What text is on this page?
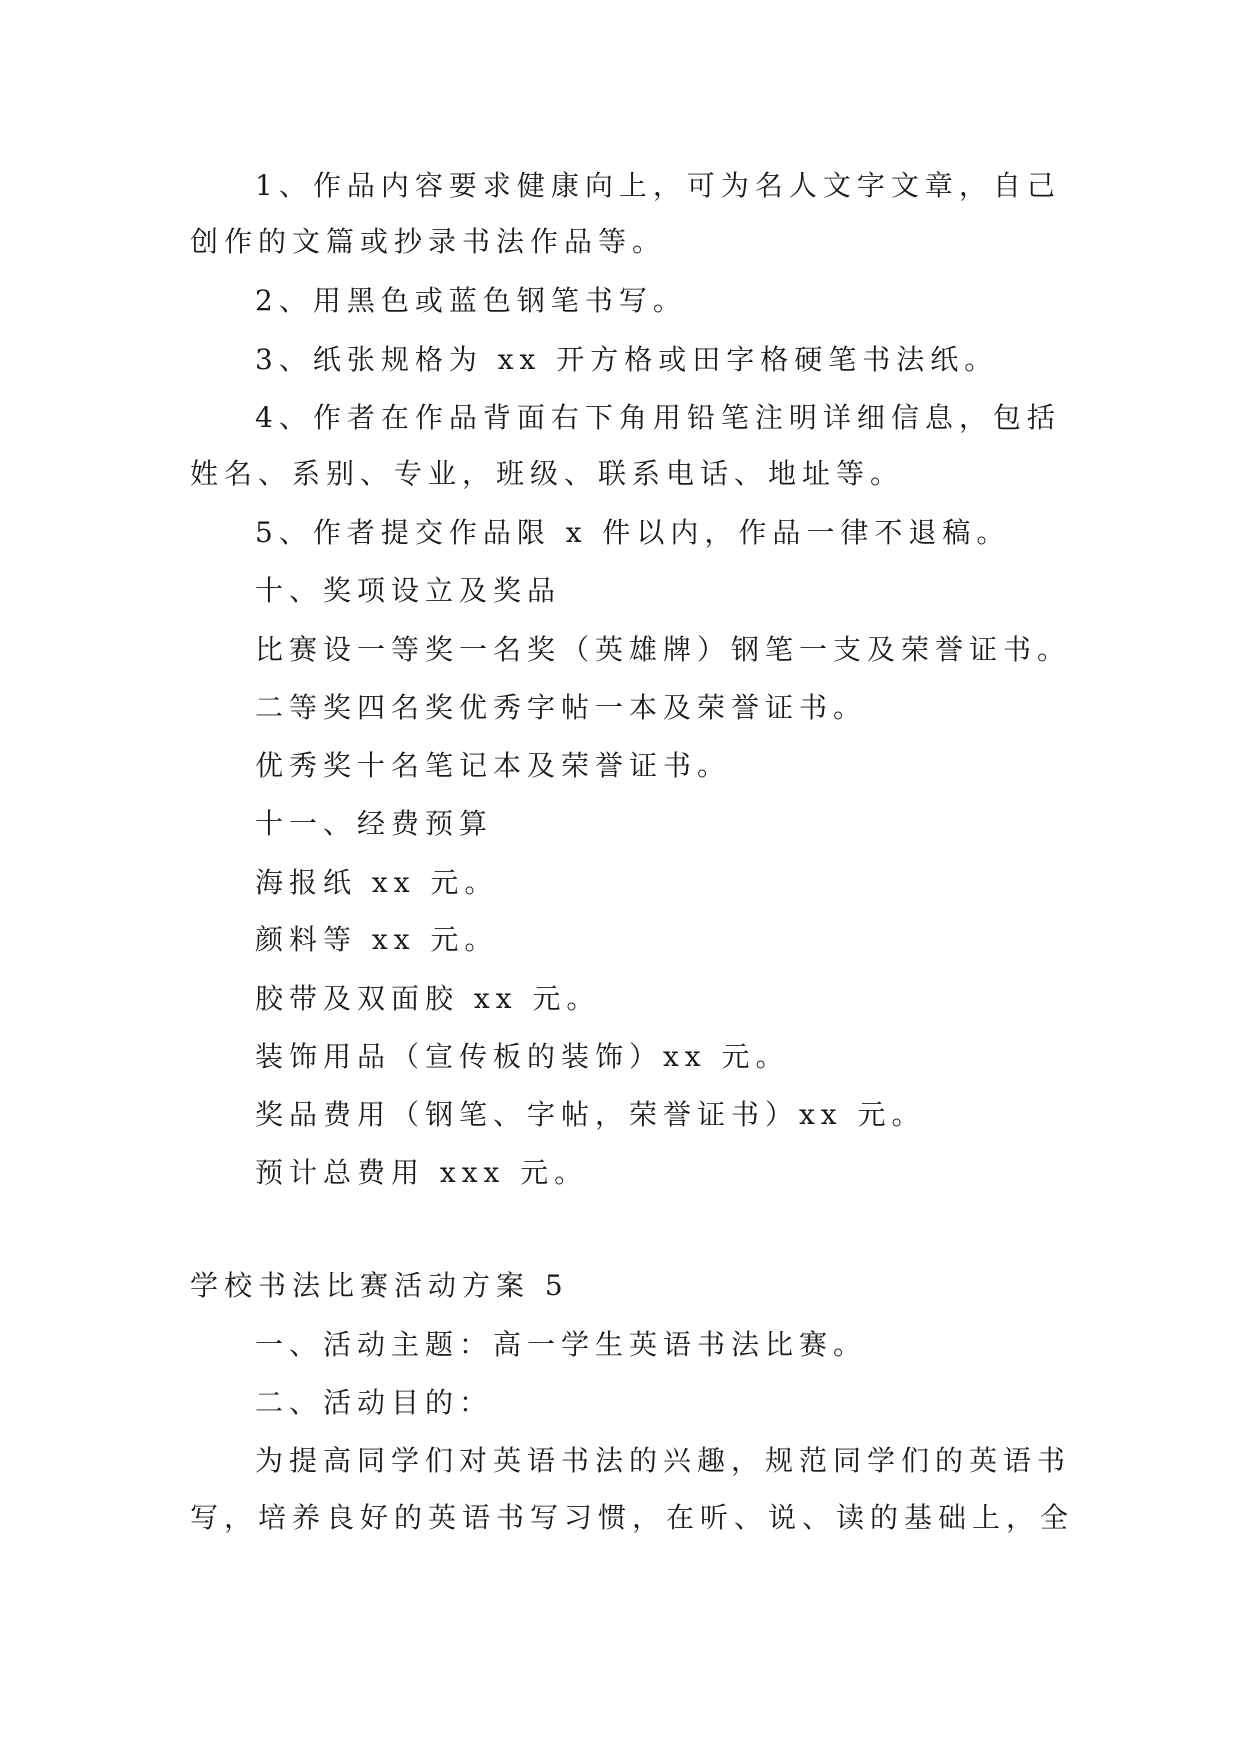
1、作品内容要求健康向上，可为名人文字文章，自己
创作的文篇或抄录书法作品等。
2、用黑色或蓝色钢笔书写。
3、纸张规格为 xx 开方格或田字格硬笔书法纸。
4、作者在作品背面右下角用铅笔注明详细信息，包括
姓名、系别、专业，班级、联系电话、地址等。
5、作者提交作品限 x 件以内，作品一律不退稿。
十、奖项设立及奖品
比赛设一等奖一名奖（英雄牌）钢笔一支及荣誉证书。
二等奖四名奖优秀字帖一本及荣誉证书。
优秀奖十名笔记本及荣誉证书。
十一、经费预算
海报纸 xx 元。
颜料等 xx 元。
胶带及双面胶 xx 元。
装饰用品（宣传板的装饰）xx 元。
奖品费用（钢笔、字帖，荣誉证书）xx 元。
预计总费用 xxx 元。
学校书法比赛活动方案 5
一、活动主题：高一学生英语书法比赛。
二、活动目的：
为提高同学们对英语书法的兴趣，规范同学们的英语书
写，培养良好的英语书写习惯，在听、说、读的基础上，全
